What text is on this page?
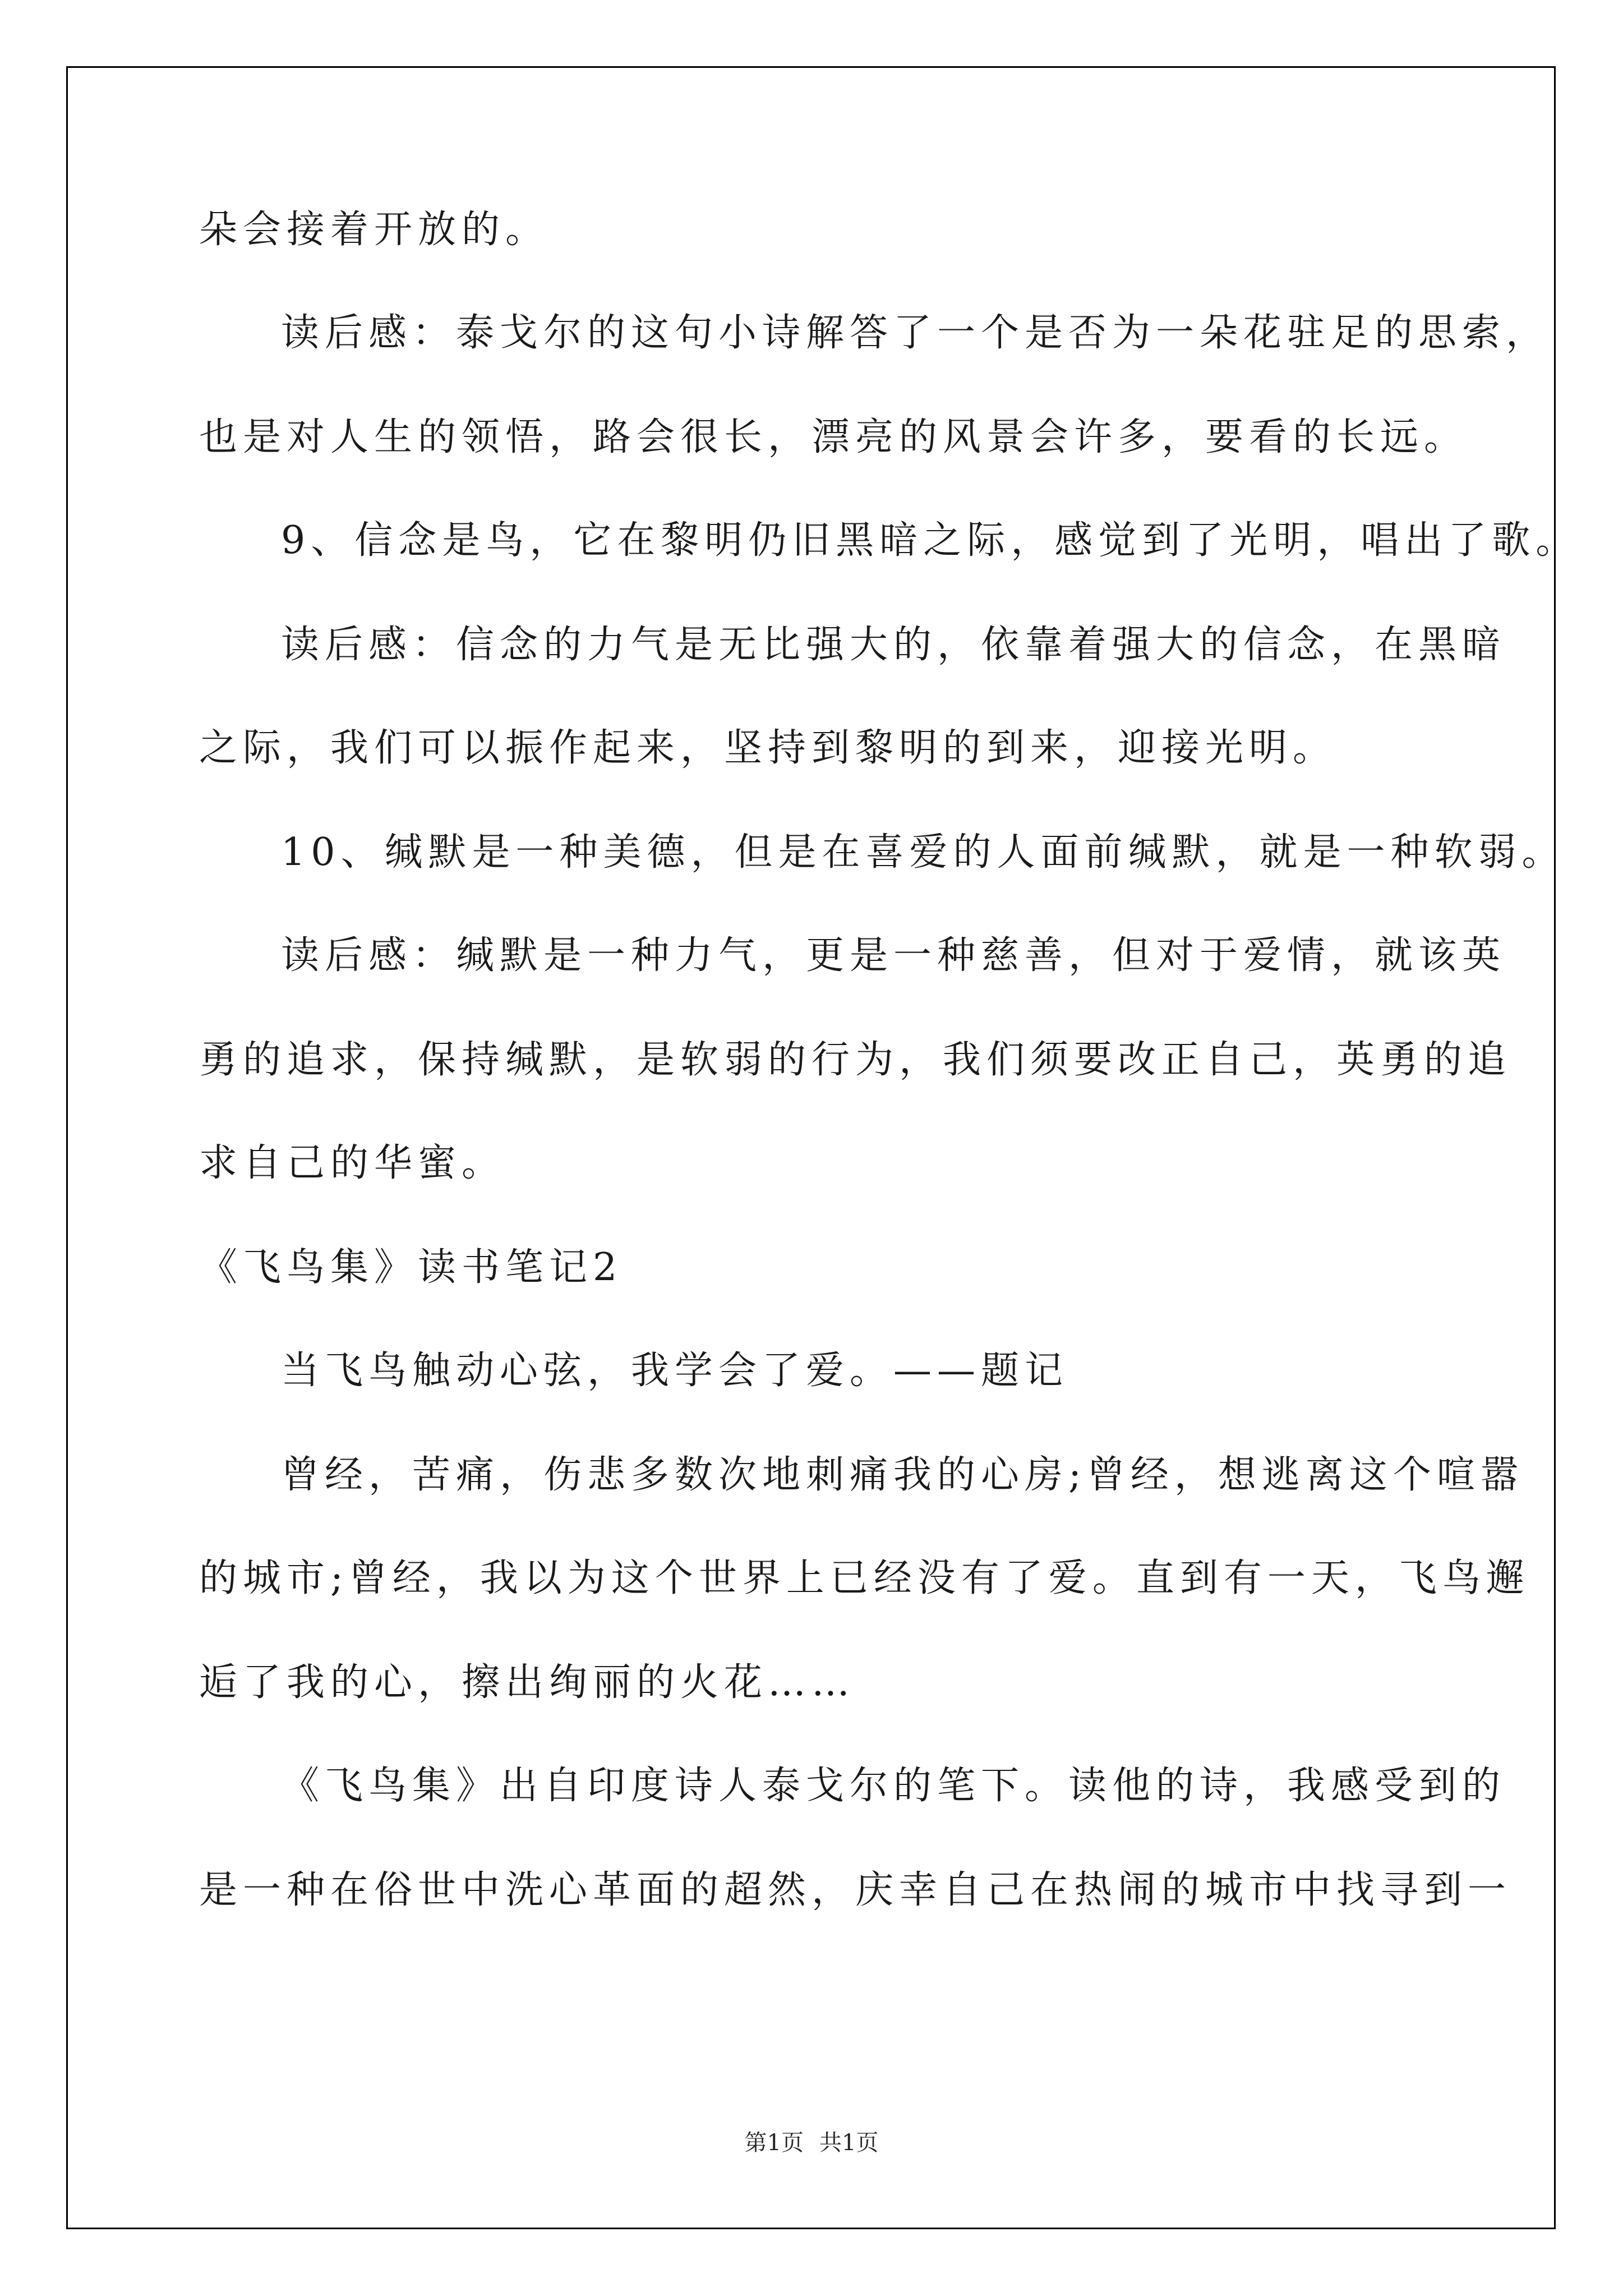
朵会接着开放的。
读后感：泰戈尔的这句小诗解答了一个是否为一朵花驻足的思索，
也是对人生的领悟，路会很长，漂亮的风景会许多，要看的长远。
9、信念是鸟，它在黎明仍旧黑暗之际，感觉到了光明，唱出了歌。
读后感：信念的力气是无比强大的，依靠着强大的信念，在黑暗
之际，我们可以振作起来，坚持到黎明的到来，迎接光明。
10、缄默是一种美德，但是在喜爱的人面前缄默，就是一种软弱。
读后感：缄默是一种力气，更是一种慈善，但对于爱情，就该英
勇的追求，保持缄默，是软弱的行为，我们须要改正自己，英勇的追
求自己的华蜜。
《飞鸟集》读书笔记2
当飞鸟触动心弦，我学会了爱。——题记
曾经，苦痛，伤悲多数次地刺痛我的心房;曾经，想逃离这个喧嚣
的城市;曾经，我以为这个世界上已经没有了爱。直到有一天，飞鸟邂
逅了我的心，擦出绚丽的火花……
《飞鸟集》出自印度诗人泰戈尔的笔下。读他的诗，我感受到的
是一种在俗世中洗心革面的超然，庆幸自己在热闹的城市中找寻到一
第1页 共1页
